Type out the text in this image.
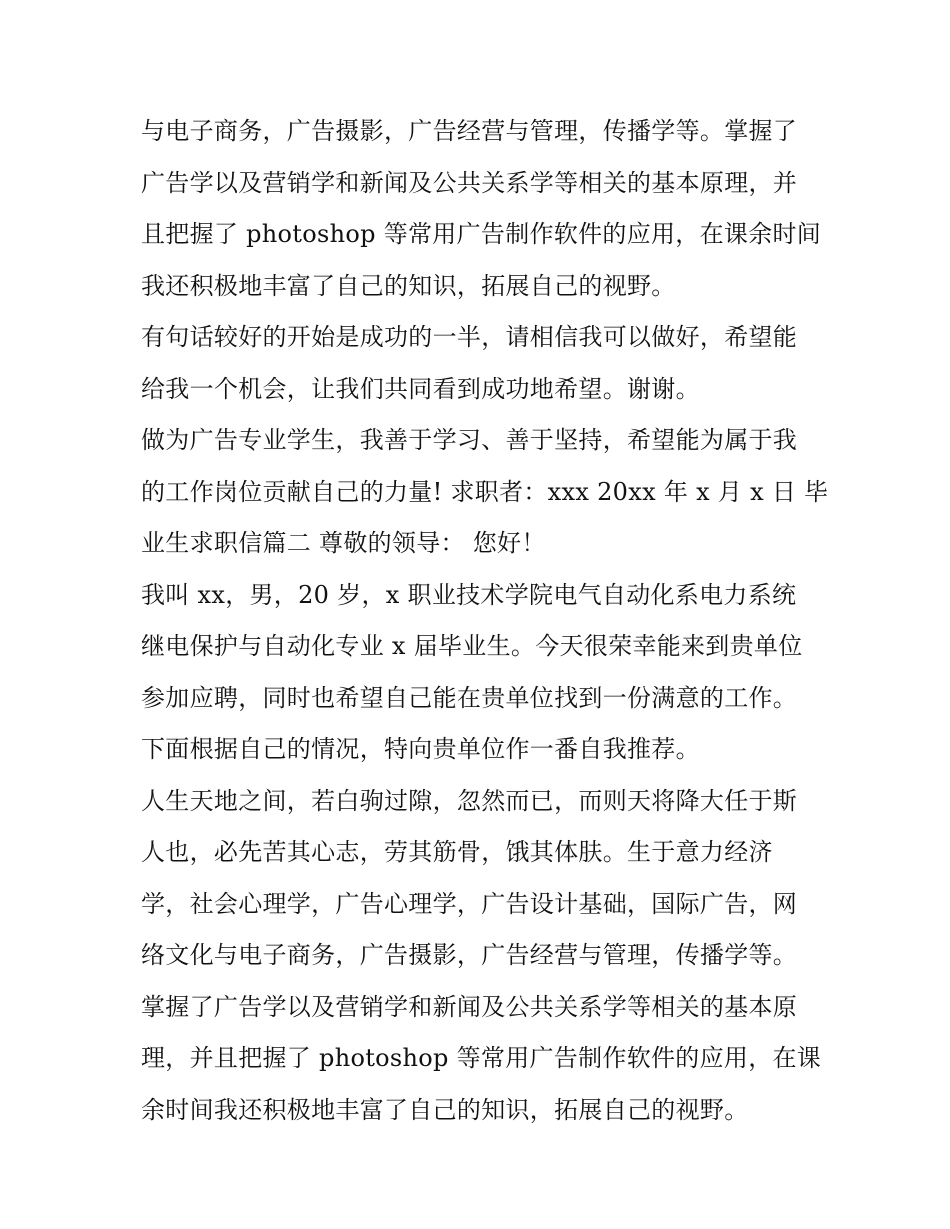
与电子商务，广告摄影，广告经营与管理，传播学等。掌握了
广告学以及营销学和新闻及公共关系学等相关的基本原理，并
且把握了 photoshop 等常用广告制作软件的应用，在课余时间
我还积极地丰富了自己的知识，拓展自己的视野。
有句话较好的开始是成功的一半，请相信我可以做好，希望能
给我一个机会，让我们共同看到成功地希望。谢谢。
做为广告专业学生，我善于学习、善于坚持，希望能为属于我
的工作岗位贡献自己的力量! 求职者：xxx 20xx 年 x 月 x 日 毕
业生求职信篇二 尊敬的领导： 您好！
我叫 xx，男，20 岁，x 职业技术学院电气自动化系电力系统
继电保护与自动化专业 x 届毕业生。今天很荣幸能来到贵单位
参加应聘，同时也希望自己能在贵单位找到一份满意的工作。
下面根据自己的情况，特向贵单位作一番自我推荐。
人生天地之间，若白驹过隙，忽然而已，而则天将降大任于斯
人也，必先苦其心志，劳其筋骨，饿其体肤。生于意力经济
学，社会心理学，广告心理学，广告设计基础，国际广告，网
络文化与电子商务，广告摄影，广告经营与管理，传播学等。
掌握了广告学以及营销学和新闻及公共关系学等相关的基本原
理，并且把握了 photoshop 等常用广告制作软件的应用，在课
余时间我还积极地丰富了自己的知识，拓展自己的视野。
